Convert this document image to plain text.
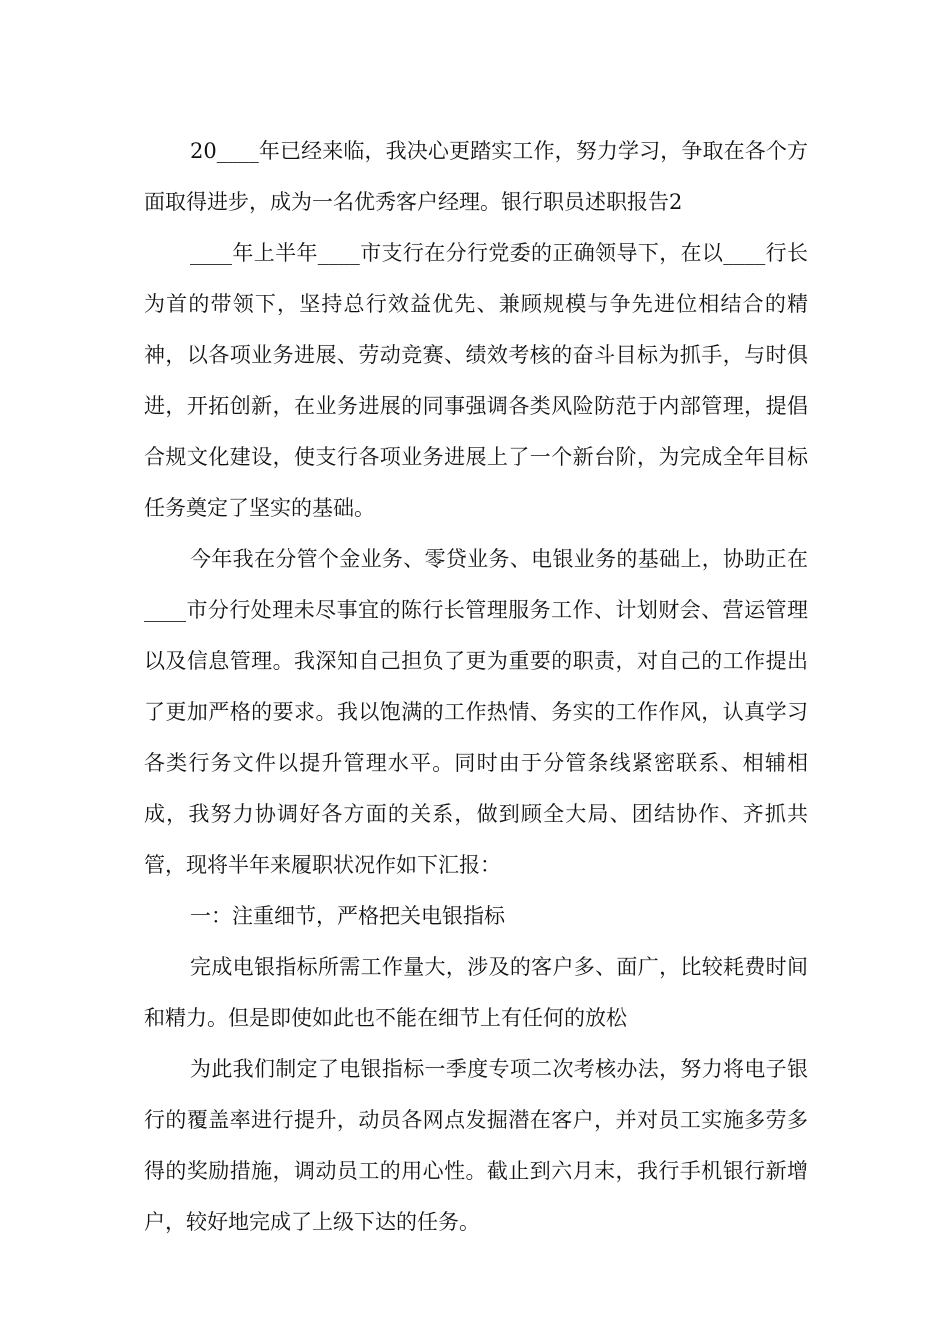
20____年已经来临，我决心更踏实工作，努力学习，争取在各个方面取得进步，成为一名优秀客户经理。银行职员述职报告2

____年上半年____市支行在分行党委的正确领导下，在以____行长为首的带领下，坚持总行效益优先、兼顾规模与争先进位相结合的精神，以各项业务进展、劳动竞赛、绩效考核的奋斗目标为抓手，与时俱进，开拓创新，在业务进展的同事强调各类风险防范于内部管理，提倡合规文化建设，使支行各项业务进展上了一个新台阶，为完成全年目标任务奠定了坚实的基础。

今年我在分管个金业务、零贷业务、电银业务的基础上，协助正在____市分行处理未尽事宜的陈行长管理服务工作、计划财会、营运管理以及信息管理。我深知自己担负了更为重要的职责，对自己的工作提出了更加严格的要求。我以饱满的工作热情、务实的工作作风，认真学习各类行务文件以提升管理水平。同时由于分管条线紧密联系、相辅相成，我努力协调好各方面的关系，做到顾全大局、团结协作、齐抓共管，现将半年来履职状况作如下汇报：

一：注重细节，严格把关电银指标

完成电银指标所需工作量大，涉及的客户多、面广，比较耗费时间和精力。但是即使如此也不能在细节上有任何的放松

为此我们制定了电银指标一季度专项二次考核办法，努力将电子银行的覆盖率进行提升，动员各网点发掘潜在客户，并对员工实施多劳多得的奖励措施，调动员工的用心性。截止到六月末，我行手机银行新增户，较好地完成了上级下达的任务。
